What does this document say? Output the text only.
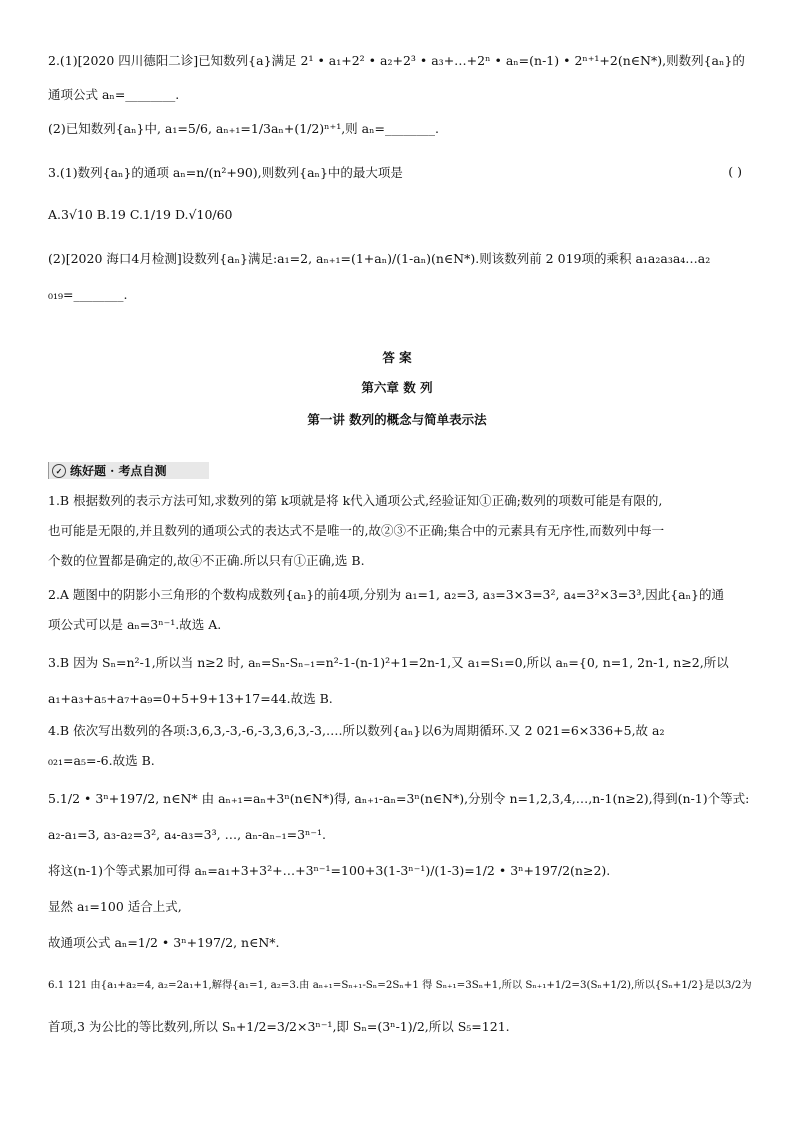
2.(1)[2020 四川德阳二诊]已知数列{a}满足 2¹ • a₁+2² • a₂+2³ • a₃+…+2ⁿ • aₙ=(n-1) • 2ⁿ⁺¹+2(n∈N*),则数列{aₙ}的
通项公式 aₙ=________.
(2)已知数列{aₙ}中, a₁=5/6, aₙ₊₁=1/3aₙ+(1/2)ⁿ⁺¹,则 aₙ=________.
3.(1)数列{aₙ}的通项 aₙ=n/(n²+90),则数列{aₙ}中的最大项是	( )
A.3√10 B.19 C.1/19 D.√10/60
(2)[2020 海口4月检测]设数列{aₙ}满足:a₁=2, aₙ₊₁=(1+aₙ)/(1-aₙ)(n∈N*).则该数列前 2 019项的乘积 a₁a₂a₃a₄…a₂
₀₁₉=________.
答 案
第六章 数 列
第一讲 数列的概念与简单表示法
✓ 练好题 · 考点自测
1.B 根据数列的表示方法可知,求数列的第 k项就是将 k代入通项公式,经验证知①正确;数列的项数可能是有限的,
也可能是无限的,并且数列的通项公式的表达式不是唯一的,故②③不正确;集合中的元素具有无序性,而数列中每一
个数的位置都是确定的,故④不正确.所以只有①正确,选 B.
2.A 题图中的阴影小三角形的个数构成数列{aₙ}的前4项,分别为 a₁=1, a₂=3, a₃=3×3=3², a₄=3²×3=3³,因此{aₙ}的通
项公式可以是 aₙ=3ⁿ⁻¹.故选 A.
3.B 因为 Sₙ=n²-1,所以当 n≥2 时, aₙ=Sₙ-Sₙ₋₁=n²-1-(n-1)²+1=2n-1,又 a₁=S₁=0,所以 aₙ={0, n=1, 2n-1, n≥2,所以
a₁+a₃+a₅+a₇+a₉=0+5+9+13+17=44.故选 B.
4.B 依次写出数列的各项:3,6,3,-3,-6,-3,3,6,3,-3,….所以数列{aₙ}以6为周期循环.又 2 021=6×336+5,故 a₂
₀₂₁=a₅=-6.故选 B.
5.1/2 • 3ⁿ+197/2, n∈N* 由 aₙ₊₁=aₙ+3ⁿ(n∈N*)得, aₙ₊₁-aₙ=3ⁿ(n∈N*),分别令 n=1,2,3,4,…,n-1(n≥2),得到(n-1)个等式:
a₂-a₁=3, a₃-a₂=3², a₄-a₃=3³, …, aₙ-aₙ₋₁=3ⁿ⁻¹.
将这(n-1)个等式累加可得 aₙ=a₁+3+3²+…+3ⁿ⁻¹=100+3(1-3ⁿ⁻¹)/(1-3)=1/2 • 3ⁿ+197/2(n≥2).
显然 a₁=100 适合上式,
故通项公式 aₙ=1/2 • 3ⁿ+197/2, n∈N*.
6.1 121 由{a₁+a₂=4, a₂=2a₁+1,解得{a₁=1, a₂=3.由 aₙ₊₁=Sₙ₊₁-Sₙ=2Sₙ+1 得 Sₙ₊₁=3Sₙ+1,所以 Sₙ₊₁+1/2=3(Sₙ+1/2),所以{Sₙ+1/2}是以3/2为
首项,3 为公比的等比数列,所以 Sₙ+1/2=3/2×3ⁿ⁻¹,即 Sₙ=(3ⁿ-1)/2,所以 S₅=121.
